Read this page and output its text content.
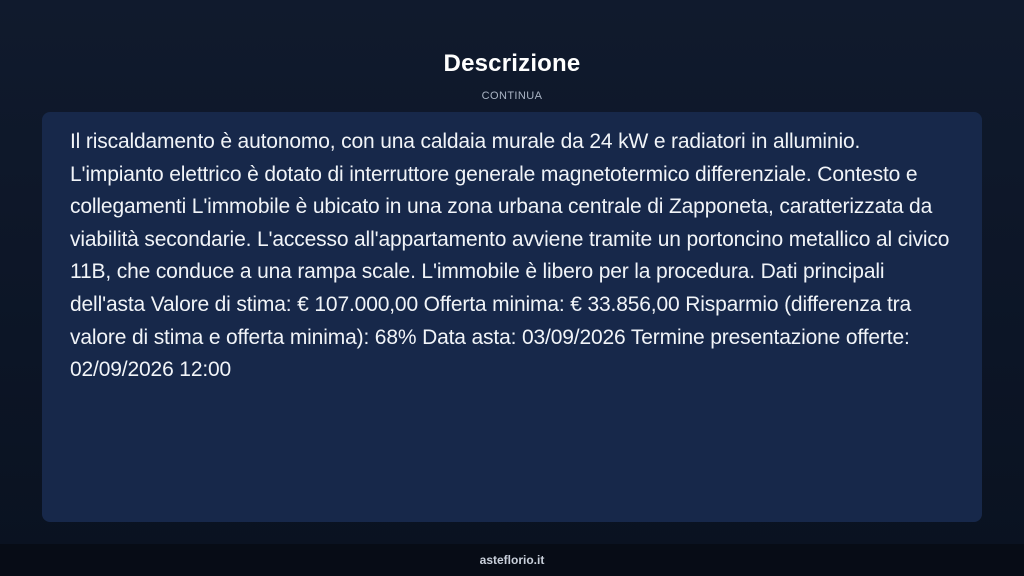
Descrizione
CONTINUA

Il riscaldamento è autonomo, con una caldaia murale da 24 kW e radiatori in alluminio. L'impianto elettrico è dotato di interruttore generale magnetotermico differenziale. Contesto e collegamenti L'immobile è ubicato in una zona urbana centrale di Zapponeta, caratterizzata da viabilità secondarie. L'accesso all'appartamento avviene tramite un portoncino metallico al civico 11B, che conduce a una rampa scale. L'immobile è libero per la procedura. Dati principali dell'asta Valore di stima: € 107.000,00 Offerta minima: € 33.856,00 Risparmio (differenza tra valore di stima e offerta minima): 68% Data asta: 03/09/2026 Termine presentazione offerte: 02/09/2026 12:00

asteflorio.it
